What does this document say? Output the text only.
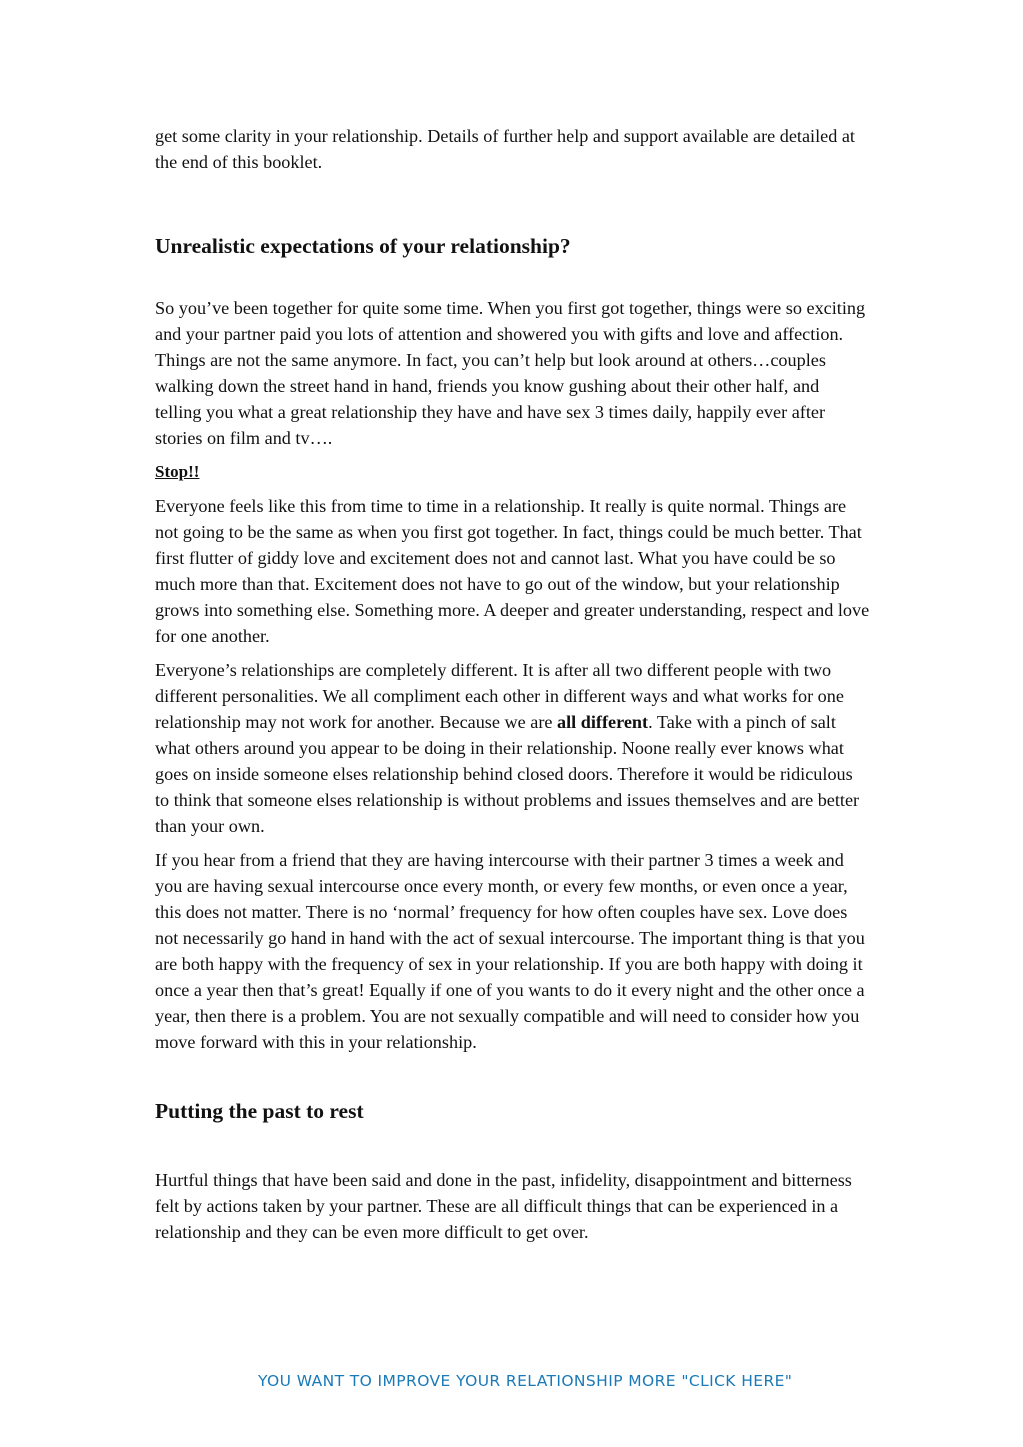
get some clarity in your relationship. Details of further help and support available are detailed at the end of this booklet.

Unrealistic expectations of your relationship?

So you’ve been together for quite some time. When you first got together, things were so exciting and your partner paid you lots of attention and showered you with gifts and love and affection. Things are not the same anymore. In fact, you can’t help but look around at others…couples walking down the street hand in hand, friends you know gushing about their other half, and telling you what a great relationship they have and have sex 3 times daily, happily ever after stories on film and tv….

Stop!!

Everyone feels like this from time to time in a relationship. It really is quite normal. Things are not going to be the same as when you first got together. In fact, things could be much better. That first flutter of giddy love and excitement does not and cannot last. What you have could be so much more than that. Excitement does not have to go out of the window, but your relationship grows into something else. Something more. A deeper and greater understanding, respect and love for one another.

Everyone’s relationships are completely different. It is after all two different people with two different personalities. We all compliment each other in different ways and what works for one relationship may not work for another. Because we are all different. Take with a pinch of salt what others around you appear to be doing in their relationship. Noone really ever knows what goes on inside someone elses relationship behind closed doors. Therefore it would be ridiculous to think that someone elses relationship is without problems and issues themselves and are better than your own.

If you hear from a friend that they are having intercourse with their partner 3 times a week and you are having sexual intercourse once every month, or every few months, or even once a year, this does not matter. There is no ‘normal’ frequency for how often couples have sex. Love does not necessarily go hand in hand with the act of sexual intercourse. The important thing is that you are both happy with the frequency of sex in your relationship. If you are both happy with doing it once a year then that’s great! Equally if one of you wants to do it every night and the other once a year, then there is a problem. You are not sexually compatible and will need to consider how you move forward with this in your relationship.

Putting the past to rest

Hurtful things that have been said and done in the past, infidelity, disappointment and bitterness felt by actions taken by your partner. These are all difficult things that can be experienced in a relationship and they can be even more difficult to get over.

YOU WANT TO IMPROVE YOUR RELATIONSHIP MORE "CLICK HERE"
